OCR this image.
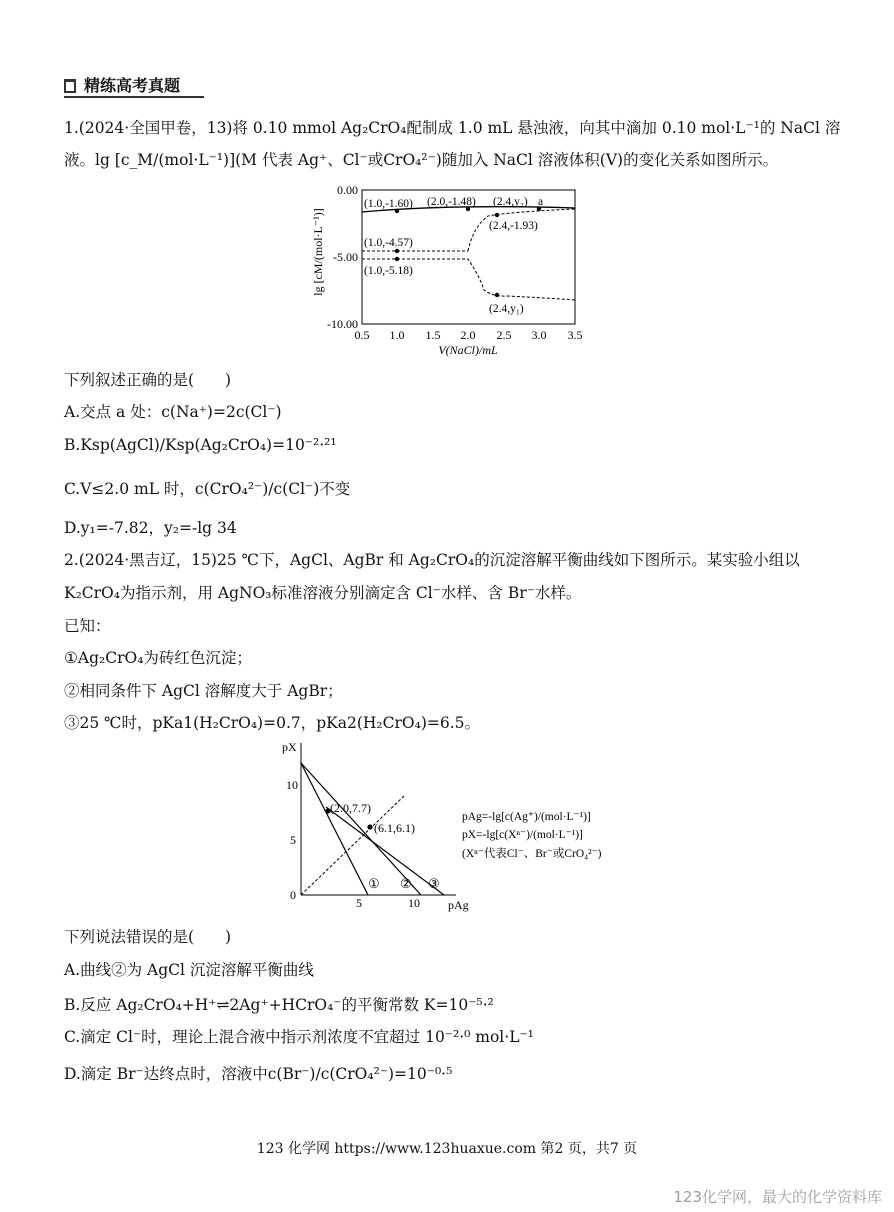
精练高考真题
1.(2024·全国甲卷，13)将 0.10 mmol Ag₂CrO₄配制成 1.0 mL 悬浊液，向其中滴加 0.10 mol·L⁻¹的 NaCl 溶
液。lg [c_M/(mol·L⁻¹)](M 代表 Ag⁺、Cl⁻或CrO₄²⁻)随加入 NaCl 溶液体积(V)的变化关系如图所示。
lg [cM/(mol·L⁻¹)]
0.00
-5.00
-10.00
0.5 1.0 1.5 2.0 2.5 3.0 3.5
V(NaCl)/mL
(1.0,-1.60) (2.0,-1.48) (2.4,y₂) a
(2.4,-1.93)
(1.0,-4.57)
(1.0,-5.18)
(2.4,y₁)
下列叙述正确的是(　　)
A.交点 a 处：c(Na⁺)=2c(Cl⁻)
B.Ksp(AgCl)/Ksp(Ag₂CrO₄)=10⁻²·²¹
C.V≤2.0 mL 时，c(CrO₄²⁻)/c(Cl⁻)不变
D.y₁=-7.82，y₂=-lg 34
2.(2024·黑吉辽，15)25 ℃下，AgCl、AgBr 和 Ag₂CrO₄的沉淀溶解平衡曲线如下图所示。某实验小组以
K₂CrO₄为指示剂，用 AgNO₃标准溶液分别滴定含 Cl⁻水样、含 Br⁻水样。
已知：
①Ag₂CrO₄为砖红色沉淀；
②相同条件下 AgCl 溶解度大于 AgBr；
③25 ℃时，pKa1(H₂CrO₄)=0.7，pKa2(H₂CrO₄)=6.5。
pX
pAg
0
5
10
5	10
(2.0,7.7)
(6.1,6.1)
① ② ③
pAg=-lg[c(Ag⁺)/(mol·L⁻¹)]
pX=-lg[c(Xⁿ⁻)/(mol·L⁻¹)]
(Xⁿ⁻代表Cl⁻、Br⁻或CrO₄²⁻)
下列说法错误的是(　　)
A.曲线②为 AgCl 沉淀溶解平衡曲线
B.反应 Ag₂CrO₄+H⁺⇌2Ag⁺+HCrO₄⁻的平衡常数 K=10⁻⁵·²
C.滴定 Cl⁻时，理论上混合液中指示剂浓度不宜超过 10⁻²·⁰ mol·L⁻¹
D.滴定 Br⁻达终点时，溶液中c(Br⁻)/c(CrO₄²⁻)=10⁻⁰·⁵
123 化学网 https://www.123huaxue.com 第2 页，共7 页
123化学网，最大的化学资料库
